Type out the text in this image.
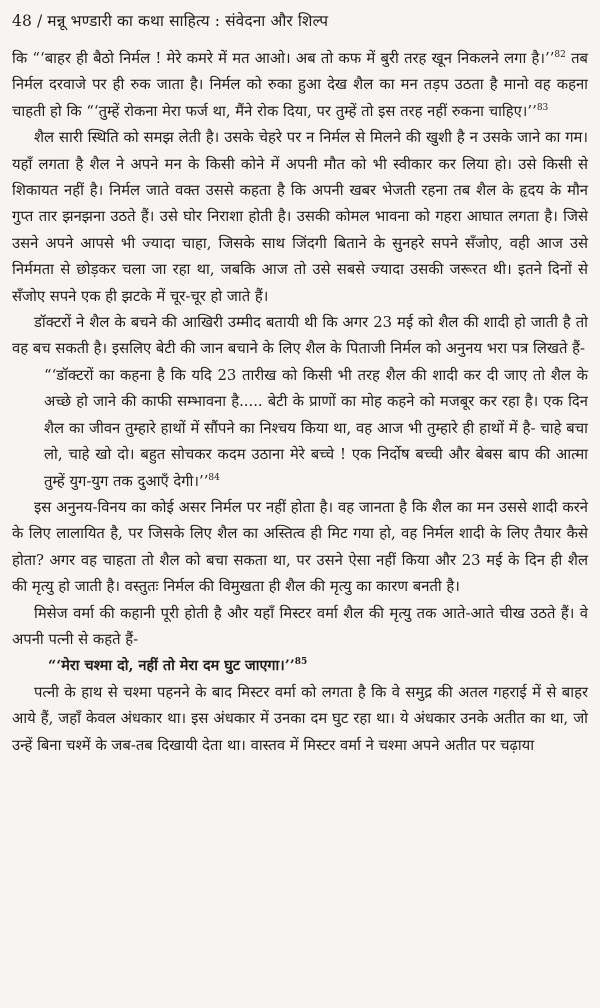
48 / मन्नू भण्डारी का कथा साहित्य : संवेदना और शिल्प

कि “‘बाहर ही बैठो निर्मल ! मेरे कमरे में मत आओ। अब तो कफ में बुरी तरह खून निकलने लगा है।’’$^{82}$ तब निर्मल दरवाजे पर ही रुक जाता है। निर्मल को रुका हुआ देख शैल का मन तड़प उठता है मानो वह कहना चाहती हो कि “‘तुम्हें रोकना मेरा फर्ज था, मैंने रोक दिया, पर तुम्हें तो इस तरह नहीं रुकना चाहिए।’’$^{83}$

शैल सारी स्थिति को समझ लेती है। उसके चेहरे पर न निर्मल से मिलने की खुशी है न उसके जाने का गम। यहाँ लगता है शैल ने अपने मन के किसी कोने में अपनी मौत को भी स्वीकार कर लिया हो। उसे किसी से शिकायत नहीं है। निर्मल जाते वक्त उससे कहता है कि अपनी खबर भेजती रहना तब शैल के हृदय के मौन गुप्त तार झनझना उठते हैं। उसे घोर निराशा होती है। उसकी कोमल भावना को गहरा आघात लगता है। जिसे उसने अपने आपसे भी ज्यादा चाहा, जिसके साथ जिंदगी बिताने के सुनहरे सपने सँजोए, वही आज उसे निर्ममता से छोड़कर चला जा रहा था, जबकि आज तो उसे सबसे ज्यादा उसकी जरूरत थी। इतने दिनों से सँजोए सपने एक ही झटके में चूर-चूर हो जाते हैं।

डॉक्टरों ने शैल के बचने की आखिरी उम्मीद बतायी थी कि अगर 23 मई को शैल की शादी हो जाती है तो वह बच सकती है। इसलिए बेटी की जान बचाने के लिए शैल के पिताजी निर्मल को अनुनय भरा पत्र लिखते हैं-

“‘डॉक्टरों का कहना है कि यदि 23 तारीख को किसी भी तरह शैल की शादी कर दी जाए तो शैल के अच्छे हो जाने की काफी सम्भावना है..... बेटी के प्राणों का मोह कहने को मजबूर कर रहा है। एक दिन शैल का जीवन तुम्हारे हाथों में सौंपने का निश्चय किया था, वह आज भी तुम्हारे ही हाथों में है- चाहे बचा लो, चाहे खो दो। बहुत सोचकर कदम उठाना मेरे बच्चे ! एक निर्दोष बच्ची और बेबस बाप की आत्मा तुम्हें युग-युग तक दुआएँ देगी।’’$^{84}$

इस अनुनय-विनय का कोई असर निर्मल पर नहीं होता है। वह जानता है कि शैल का मन उससे शादी करने के लिए लालायित है, पर जिसके लिए शैल का अस्तित्व ही मिट गया हो, वह निर्मल शादी के लिए तैयार कैसे होता? अगर वह चाहता तो शैल को बचा सकता था, पर उसने ऐसा नहीं किया और 23 मई के दिन ही शैल की मृत्यु हो जाती है। वस्तुतः निर्मल की विमुखता ही शैल की मृत्यु का कारण बनती है।

मिसेज वर्मा की कहानी पूरी होती है और यहाँ मिस्टर वर्मा शैल की मृत्यु तक आते-आते चीख उठते हैं। वे अपनी पत्नी से कहते हैं-

“‘मेरा चश्मा दो, नहीं तो मेरा दम घुट जाएगा।’’$^{85}$

पत्नी के हाथ से चश्मा पहनने के बाद मिस्टर वर्मा को लगता है कि वे समुद्र की अतल गहराई में से बाहर आये हैं, जहाँ केवल अंधकार था। इस अंधकार में उनका दम घुट रहा था। ये अंधकार उनके अतीत का था, जो उन्हें बिना चश्में के जब-तब दिखायी देता था। वास्तव में मिस्टर वर्मा ने चश्मा अपने अतीत पर चढ़ाया
